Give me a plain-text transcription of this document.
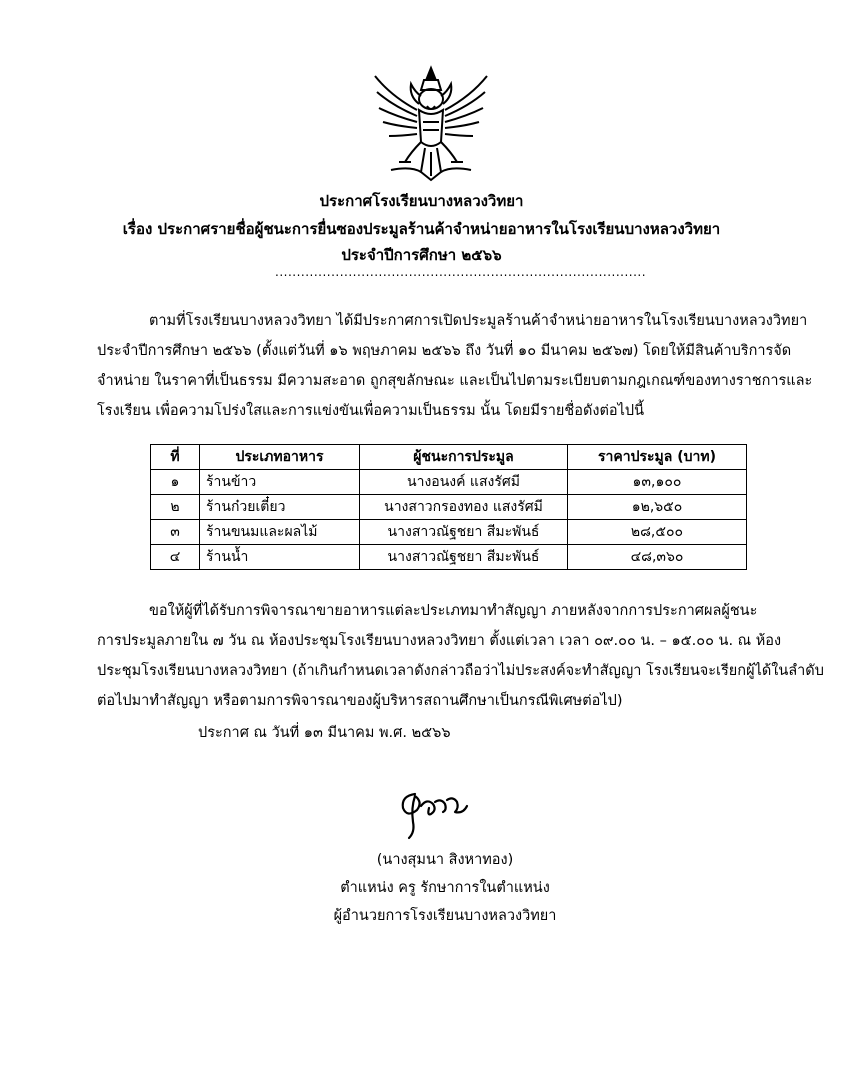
ประกาศโรงเรียนบางหลวงวิทยา
เรื่อง ประกาศรายชื่อผู้ชนะการยื่นซองประมูลร้านค้าจำหน่ายอาหารในโรงเรียนบางหลวงวิทยา
ประจำปีการศึกษา ๒๕๖๖
......................................................................................
ตามที่โรงเรียนบางหลวงวิทยา ได้มีประกาศการเปิดประมูลร้านค้าจำหน่ายอาหารในโรงเรียนบางหลวงวิทยา
ประจำปีการศึกษา ๒๕๖๖ (ตั้งแต่วันที่ ๑๖ พฤษภาคม ๒๕๖๖ ถึง วันที่ ๑๐ มีนาคม ๒๕๖๗) โดยให้มีสินค้าบริการจัด
จำหน่าย ในราคาที่เป็นธรรม มีความสะอาด ถูกสุขลักษณะ และเป็นไปตามระเบียบตามกฎเกณฑ์ของทางราชการและ
โรงเรียน เพื่อความโปร่งใสและการแข่งขันเพื่อความเป็นธรรม นั้น โดยมีรายชื่อดังต่อไปนี้
ที่	ประเภทอาหาร	ผู้ชนะการประมูล	ราคาประมูล (บาท)
๑	ร้านข้าว	นางอนงค์ แสงรัศมี	๑๓,๑๐๐
๒	ร้านก๋วยเตี๋ยว	นางสาวกรองทอง แสงรัศมี	๑๒,๖๕๐
๓	ร้านขนมและผลไม้	นางสาวณัฐชยา สีมะพันธ์	๒๘,๕๐๐
๔	ร้านน้ำ	นางสาวณัฐชยา สีมะพันธ์	๔๘,๓๖๐
ขอให้ผู้ที่ได้รับการพิจารณาขายอาหารแต่ละประเภทมาทำสัญญา ภายหลังจากการประกาศผลผู้ชนะ
การประมูลภายใน ๗ วัน ณ ห้องประชุมโรงเรียนบางหลวงวิทยา ตั้งแต่เวลา เวลา ๐๙.๐๐ น. – ๑๕.๐๐ น. ณ ห้อง
ประชุมโรงเรียนบางหลวงวิทยา (ถ้าเกินกำหนดเวลาดังกล่าวถือว่าไม่ประสงค์จะทำสัญญา โรงเรียนจะเรียกผู้ได้ในลำดับ
ต่อไปมาทำสัญญา หรือตามการพิจารณาของผู้บริหารสถานศึกษาเป็นกรณีพิเศษต่อไป)
ประกาศ ณ วันที่ ๑๓ มีนาคม พ.ศ. ๒๕๖๖
(นางสุมนา สิงหาทอง)
ตำแหน่ง ครู รักษาการในตำแหน่ง
ผู้อำนวยการโรงเรียนบางหลวงวิทยา
